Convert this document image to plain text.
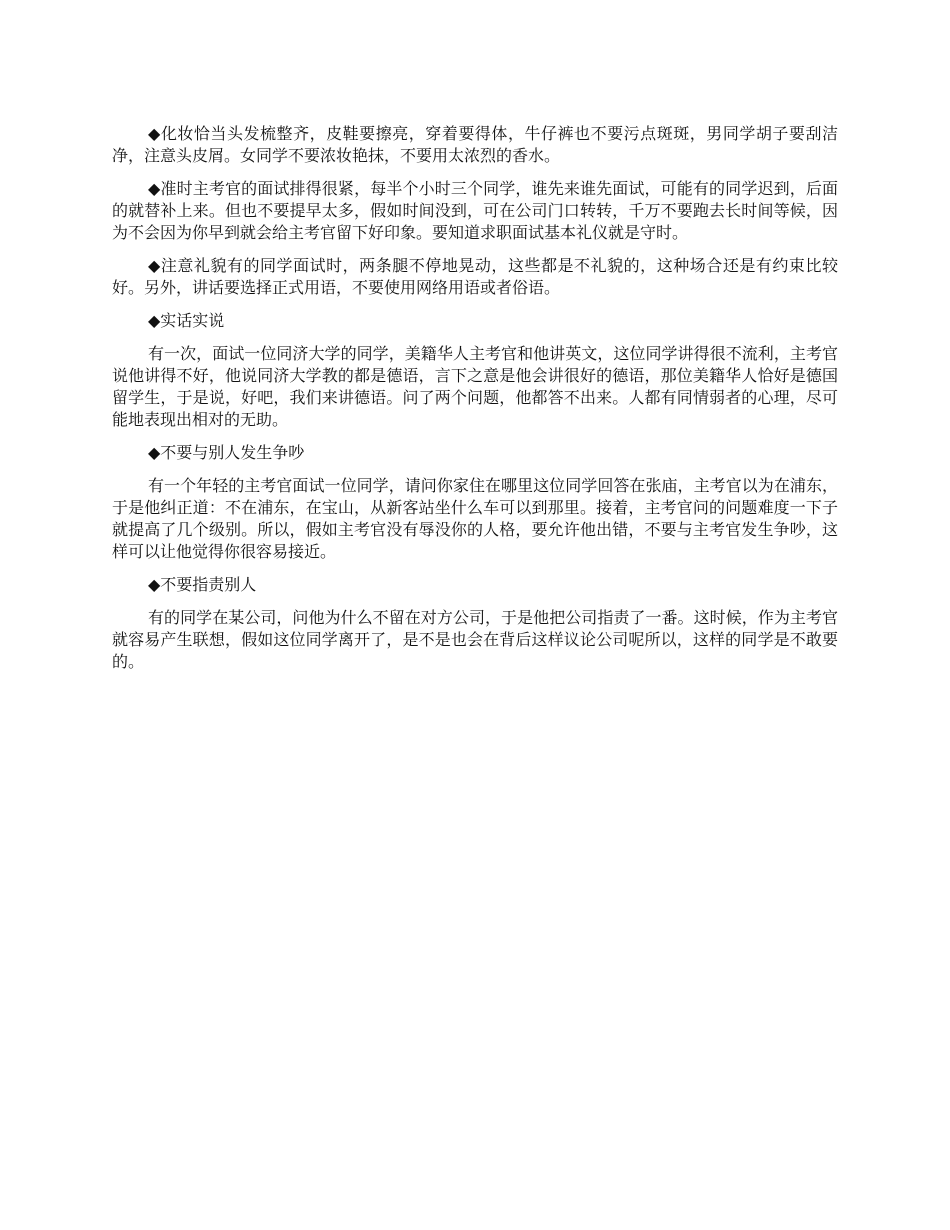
◆化妆恰当头发梳整齐，皮鞋要擦亮，穿着要得体，牛仔裤也不要污点斑斑，男同学胡子要刮洁净，注意头皮屑。女同学不要浓妆艳抹，不要用太浓烈的香水。

◆准时主考官的面试排得很紧，每半个小时三个同学，谁先来谁先面试，可能有的同学迟到，后面的就替补上来。但也不要提早太多，假如时间没到，可在公司门口转转，千万不要跑去长时间等候，因为不会因为你早到就会给主考官留下好印象。要知道求职面试基本礼仪就是守时。

◆注意礼貌有的同学面试时，两条腿不停地晃动，这些都是不礼貌的，这种场合还是有约束比较好。另外，讲话要选择正式用语，不要使用网络用语或者俗语。

◆实话实说

有一次，面试一位同济大学的同学，美籍华人主考官和他讲英文，这位同学讲得很不流利，主考官说他讲得不好，他说同济大学教的都是德语，言下之意是他会讲很好的德语，那位美籍华人恰好是德国留学生，于是说，好吧，我们来讲德语。问了两个问题，他都答不出来。人都有同情弱者的心理，尽可能地表现出相对的无助。

◆不要与别人发生争吵

有一个年轻的主考官面试一位同学，请问你家住在哪里这位同学回答在张庙，主考官以为在浦东，于是他纠正道：不在浦东，在宝山，从新客站坐什么车可以到那里。接着，主考官问的问题难度一下子就提高了几个级别。所以，假如主考官没有辱没你的人格，要允许他出错，不要与主考官发生争吵，这样可以让他觉得你很容易接近。

◆不要指责别人

有的同学在某公司，问他为什么不留在对方公司，于是他把公司指责了一番。这时候，作为主考官就容易产生联想，假如这位同学离开了，是不是也会在背后这样议论公司呢所以，这样的同学是不敢要的。
